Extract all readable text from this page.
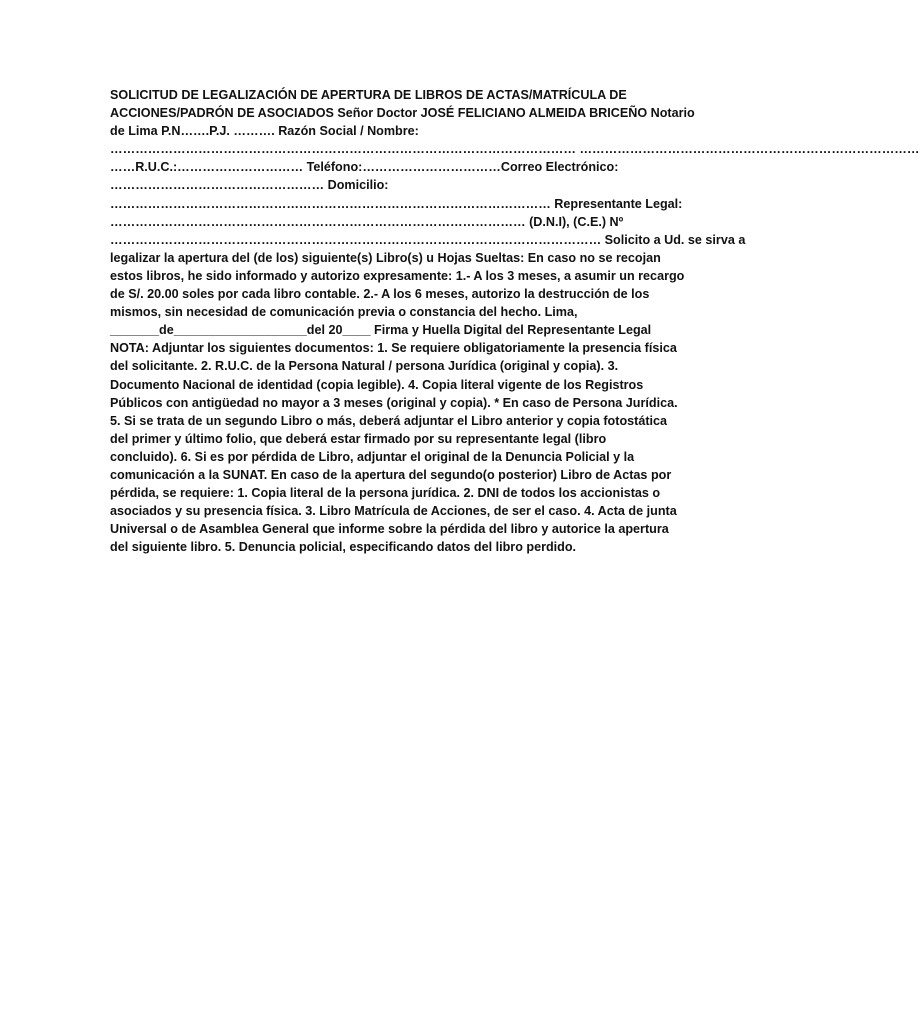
SOLICITUD DE LEGALIZACIÓN DE APERTURA DE LIBROS DE ACTAS/MATRÍCULA DE
ACCIONES/PADRÓN DE ASOCIADOS Señor Doctor JOSÉ FELICIANO ALMEIDA BRICEÑO Notario
de Lima P.N…….P.J. ………. Razón Social / Nombre:
………………………………………………………………………………………………… ………………………………………………………………………
……R.U.C.:………………………… Teléfono:……………………………Correo Electrónico:
…………………………………………… Domicilio:
…………………………………………………………………………………………… Representante Legal:
……………………………………………………………………………………… (D.N.I), (C.E.) Nº
……………………………………………………………………………………………………… Solicito a Ud. se sirva a
legalizar la apertura del (de los) siguiente(s) Libro(s) u Hojas Sueltas: En caso no se recojan
estos libros, he sido informado y autorizo expresamente: 1.- A los 3 meses, a asumir un recargo
de S/. 20.00 soles por cada libro contable. 2.- A los 6 meses, autorizo la destrucción de los
mismos, sin necesidad de comunicación previa o constancia del hecho. Lima,
_______de___________________del 20____ Firma y Huella Digital del Representante Legal
NOTA: Adjuntar los siguientes documentos: 1. Se requiere obligatoriamente la presencia física
del solicitante. 2. R.U.C. de la Persona Natural / persona Jurídica (original y copia). 3.
Documento Nacional de identidad (copia legible). 4. Copia literal vigente de los Registros
Públicos con antigüedad no mayor a 3 meses (original y copia). * En caso de Persona Jurídica.
5. Si se trata de un segundo Libro o más, deberá adjuntar el Libro anterior y copia fotostática
del primer y último folio, que deberá estar firmado por su representante legal (libro
concluido). 6. Si es por pérdida de Libro, adjuntar el original de la Denuncia Policial y la
comunicación a la SUNAT. En caso de la apertura del segundo(o posterior) Libro de Actas por
pérdida, se requiere: 1. Copia literal de la persona jurídica. 2. DNI de todos los accionistas o
asociados y su presencia física. 3. Libro Matrícula de Acciones, de ser el caso. 4. Acta de junta
Universal o de Asamblea General que informe sobre la pérdida del libro y autorice la apertura
del siguiente libro. 5. Denuncia policial, especificando datos del libro perdido.
